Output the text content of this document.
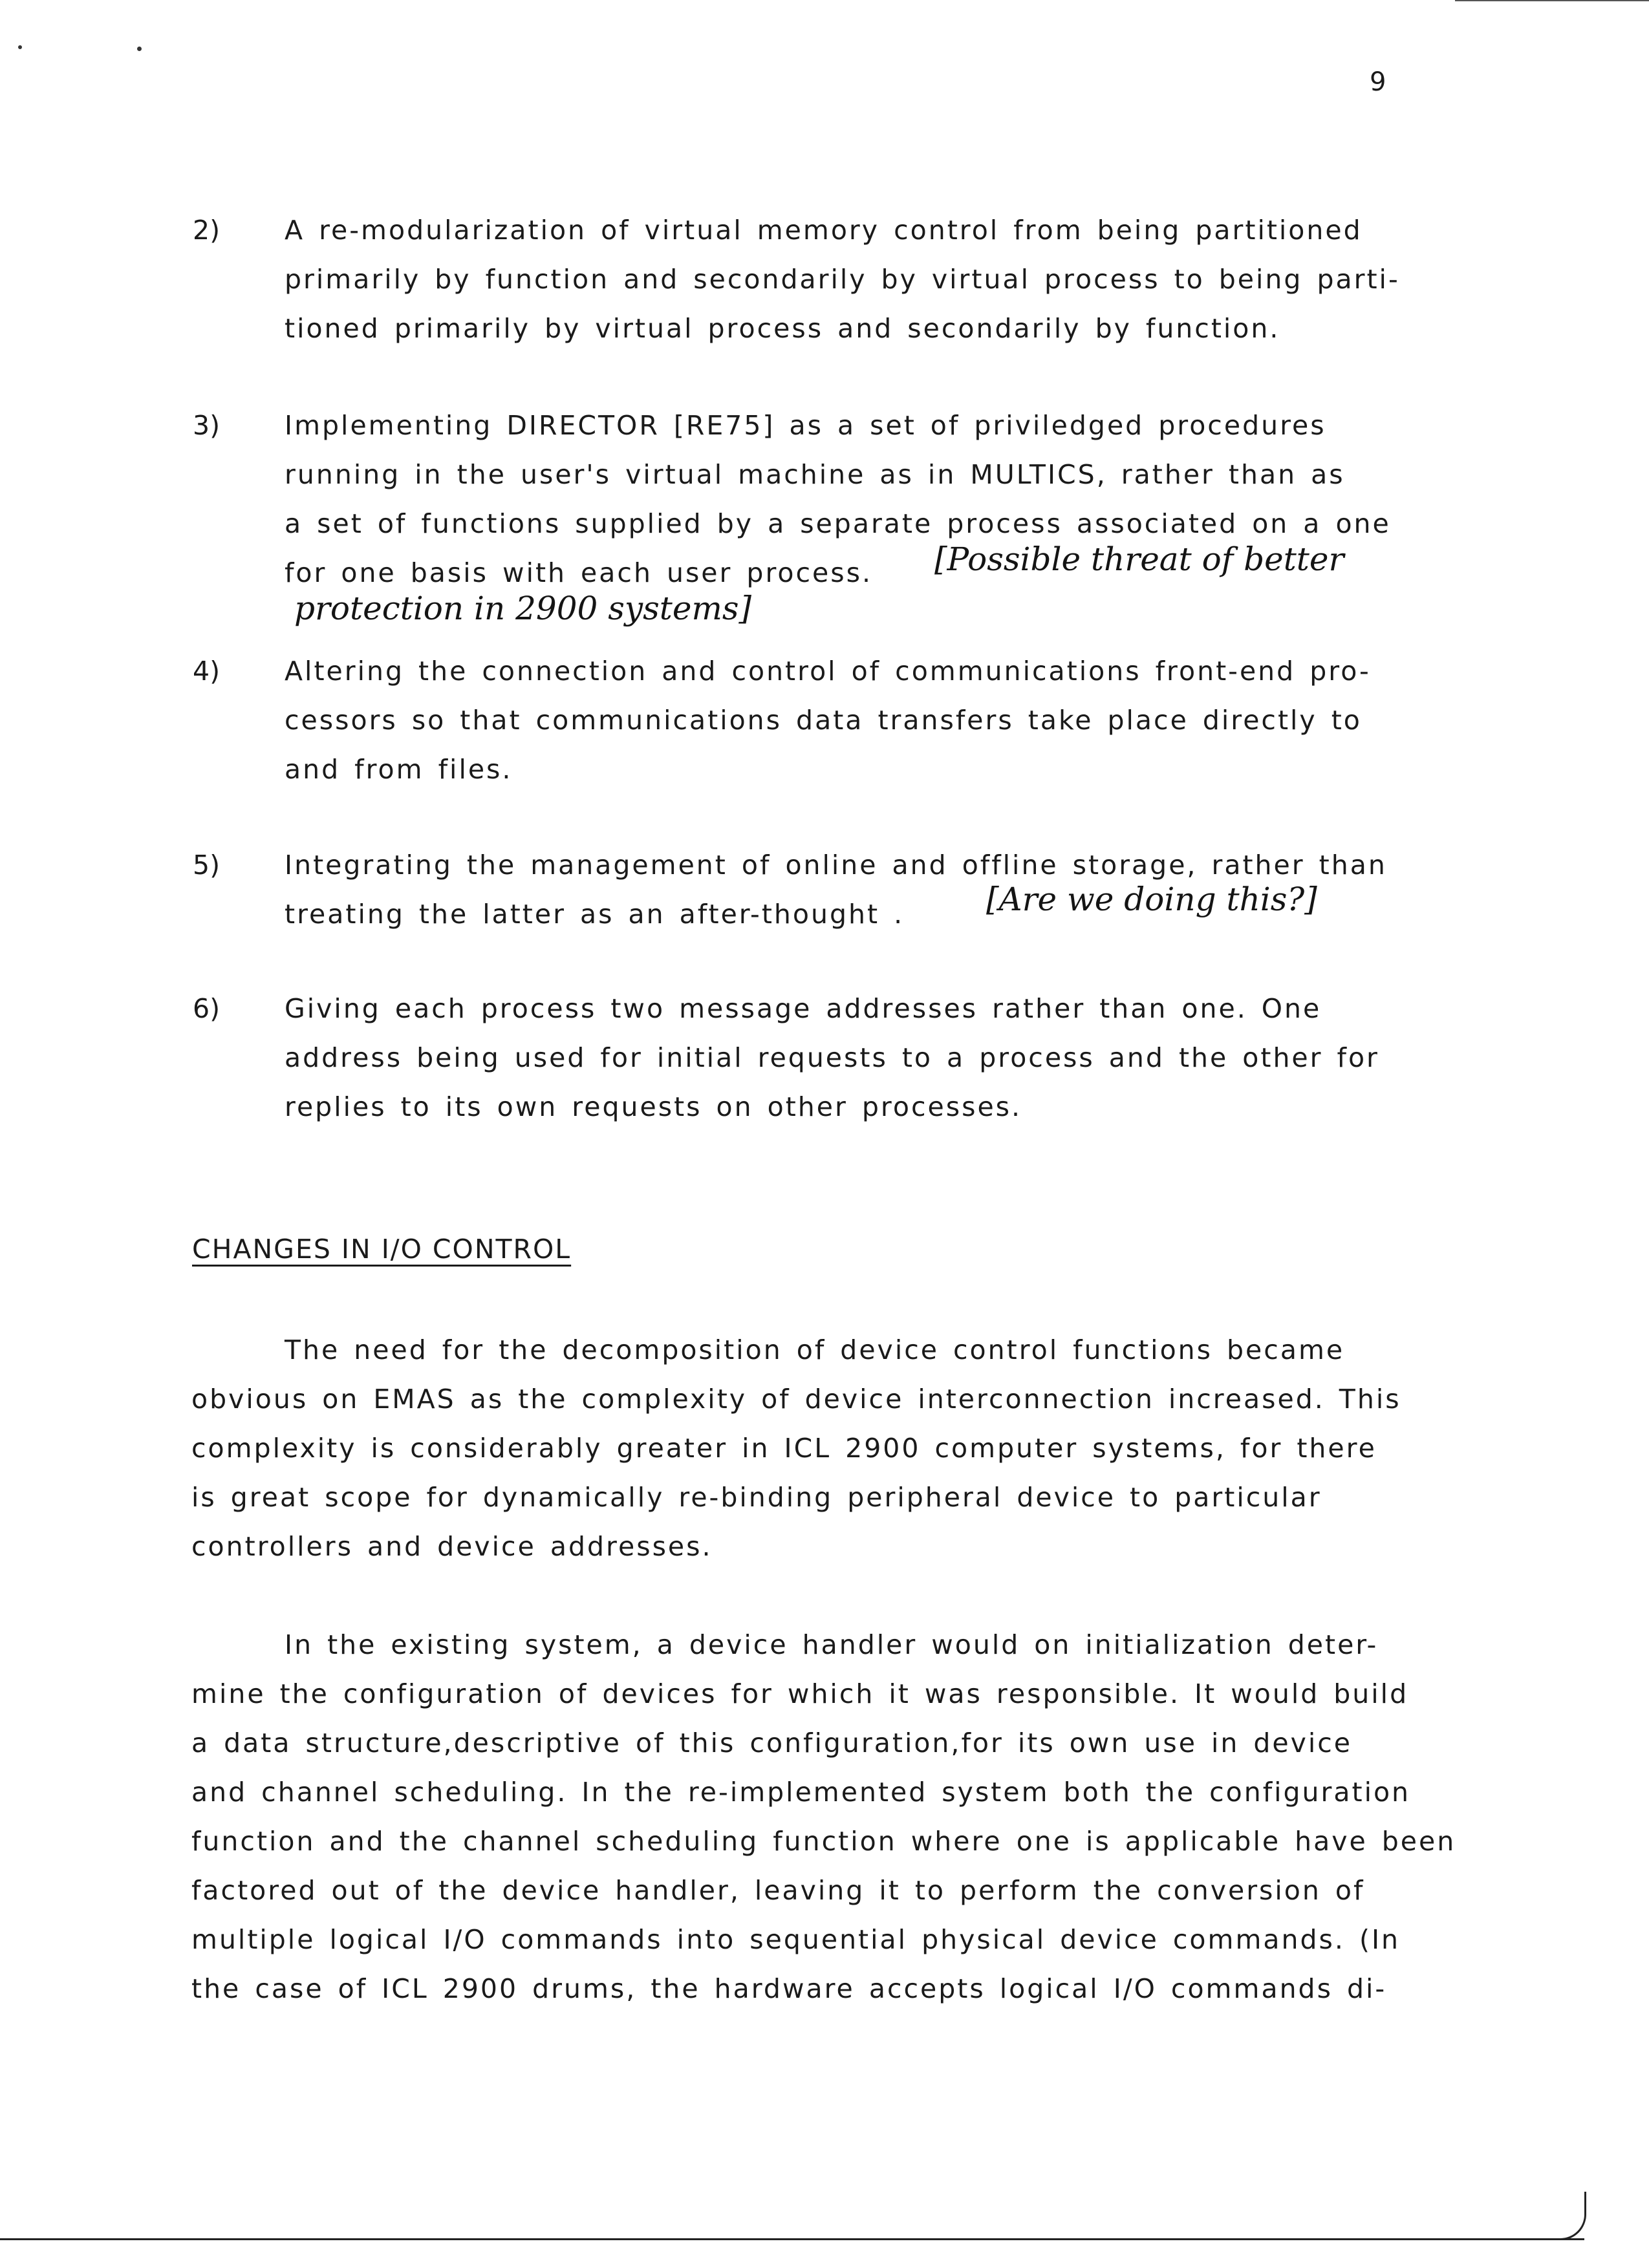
9
2) A re-modularization of virtual memory control from being partitioned
primarily by function and secondarily by virtual process to being parti-
tioned primarily by virtual process and secondarily by function.

3) Implementing DIRECTOR [RE75] as a set of priviledged procedures
running in the user's virtual machine as in MULTICS, rather than as
a set of functions supplied by a separate process associated on a one
for one basis with each user process.	[Possible threat of better
protection in 2900 systems]
4) Altering the connection and control of communications front-end pro-
cessors so that communications data transfers take place directly to
and from files.

5) Integrating the management of online and offline storage, rather than
treating the latter as an after-thought .	[Are we doing this?]
6) Giving each process two message addresses rather than one. One
address being used for initial requests to a process and the other for
replies to its own requests on other processes.

CHANGES IN I/O CONTROL

The need for the decomposition of device control functions became
obvious on EMAS as the complexity of device interconnection increased. This
complexity is considerably greater in ICL 2900 computer systems, for there
is great scope for dynamically re-binding peripheral device to particular
controllers and device addresses.

In the existing system, a device handler would on initialization deter-
mine the configuration of devices for which it was responsible. It would build
a data structure,descriptive of this configuration,for its own use in device
and channel scheduling. In the re-implemented system both the configuration
function and the channel scheduling function where one is applicable have been
factored out of the device handler, leaving it to perform the conversion of
multiple logical I/O commands into sequential physical device commands. (In
the case of ICL 2900 drums, the hardware accepts logical I/O commands di-
